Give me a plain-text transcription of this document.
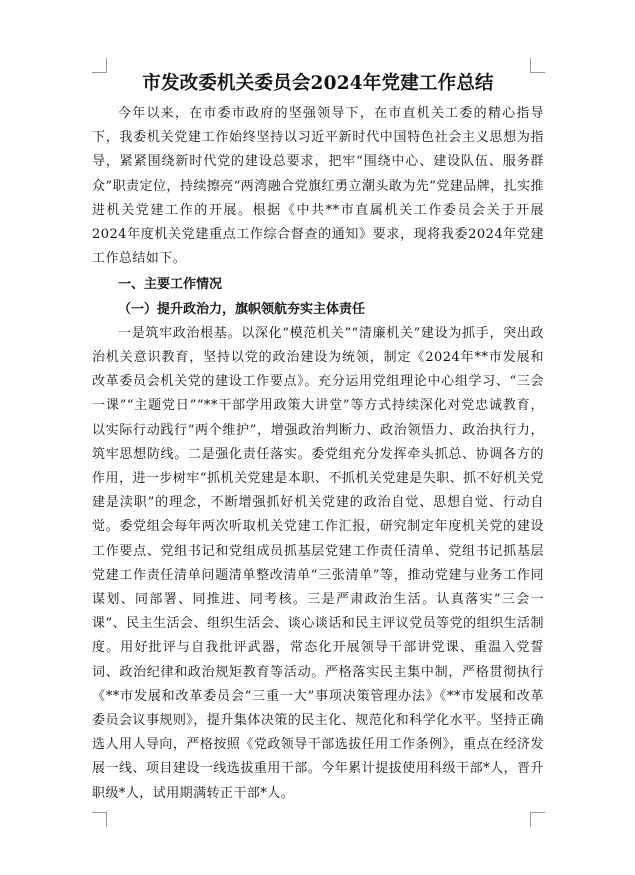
市发改委机关委员会2024年党建工作总结

今年以来，在市委市政府的坚强领导下，在市直机关工委的精心指导下，我委机关党建工作始终坚持以习近平新时代中国特色社会主义思想为指导，紧紧围绕新时代党的建设总要求，把牢“围绕中心、建设队伍、服务群众”职责定位，持续擦亮“两湾融合党旗红勇立潮头敢为先”党建品牌，扎实推进机关党建工作的开展。根据《中共**市直属机关工作委员会关于开展2024年度机关党建重点工作综合督查的通知》要求，现将我委2024年党建工作总结如下。

一、主要工作情况
（一）提升政治力，旗帜领航夯实主体责任

一是筑牢政治根基。以深化“模范机关”“清廉机关”建设为抓手，突出政治机关意识教育，坚持以党的政治建设为统领，制定《2024年**市发展和改革委员会机关党的建设工作要点》。充分运用党组理论中心组学习、“三会一课”“主题党日”“**干部学用政策大讲堂”等方式持续深化对党忠诚教育，以实际行动践行“两个维护”，增强政治判断力、政治领悟力、政治执行力，筑牢思想防线。二是强化责任落实。委党组充分发挥牵头抓总、协调各方的作用，进一步树牢“抓机关党建是本职、不抓机关党建是失职、抓不好机关党建是渎职”的理念，不断增强抓好机关党建的政治自觉、思想自觉、行动自觉。委党组会每年两次听取机关党建工作汇报，研究制定年度机关党的建设工作要点、党组书记和党组成员抓基层党建工作责任清单、党组书记抓基层党建工作责任清单问题清单整改清单“三张清单”等，推动党建与业务工作同谋划、同部署、同推进、同考核。三是严肃政治生活。认真落实“三会一课”、民主生活会、组织生活会、谈心谈话和民主评议党员等党的组织生活制度。用好批评与自我批评武器，常态化开展领导干部讲党课、重温入党誓词、政治纪律和政治规矩教育等活动。严格落实民主集中制，严格贯彻执行《**市发展和改革委员会“三重一大”事项决策管理办法》《**市发展和改革委员会议事规则》，提升集体决策的民主化、规范化和科学化水平。坚持正确选人用人导向，严格按照《党政领导干部选拔任用工作条例》，重点在经济发展一线、项目建设一线选拔重用干部。今年累计提拔使用科级干部*人，晋升职级*人，试用期满转正干部*人。
